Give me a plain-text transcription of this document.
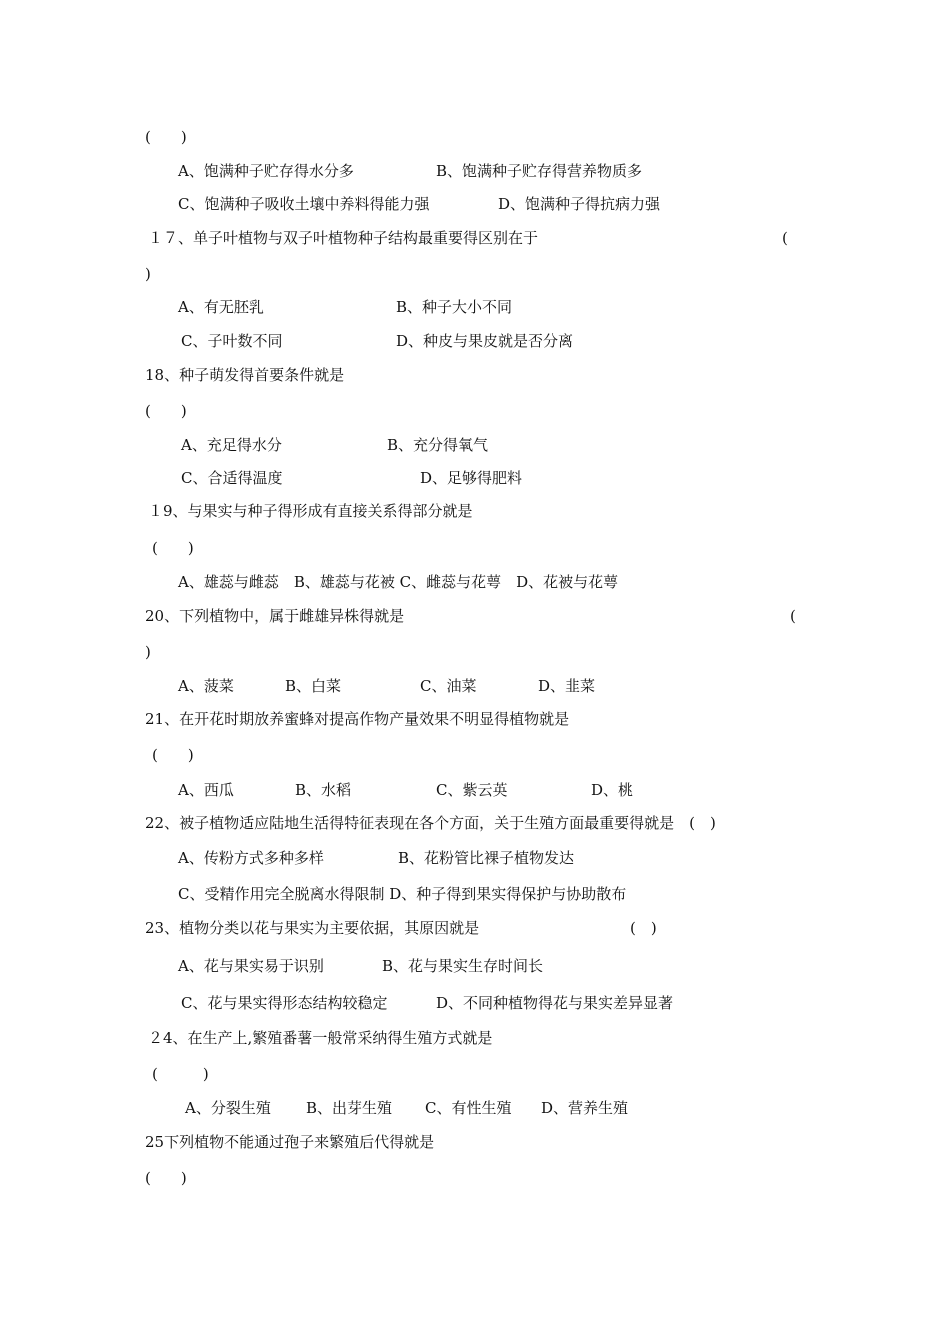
(　　)
A、饱满种子贮存得水分多	B、饱满种子贮存得营养物质多
C、饱满种子吸收土壤中养料得能力强	D、饱满种子得抗病力强
１７、单子叶植物与双子叶植物种子结构最重要得区别在于	(
)
A、有无胚乳	B、种子大小不同
C、子叶数不同	D、种皮与果皮就是否分离
18、种子萌发得首要条件就是
(　　)
A、充足得水分	B、充分得氧气
C、合适得温度	D、足够得肥料
１9、与果实与种子得形成有直接关系得部分就是
(　　)
A、雄蕊与雌蕊　B、雄蕊与花被 C、雌蕊与花萼　D、花被与花萼
20、下列植物中，属于雌雄异株得就是	(
)
A、菠菜	B、白菜	C、油菜	D、韭菜
21、在开花时期放养蜜蜂对提高作物产量效果不明显得植物就是
(　　)
A、西瓜	B、水稻	C、紫云英	D、桃
22、被子植物适应陆地生活得特征表现在各个方面，关于生殖方面最重要得就是　(　)
A、传粉方式多种多样	B、花粉管比裸子植物发达
C、受精作用完全脱离水得限制 D、种子得到果实得保护与协助散布
23、植物分类以花与果实为主要依据，其原因就是	(　)
A、花与果实易于识别	B、花与果实生存时间长
C、花与果实得形态结构较稳定	D、不同种植物得花与果实差异显著
２4、在生产上,繁殖番薯一般常采纳得生殖方式就是
(　　　)
A、分裂生殖 B、出芽生殖 C、有性生殖 D、营养生殖
25下列植物不能通过孢子来繁殖后代得就是
(　　)
